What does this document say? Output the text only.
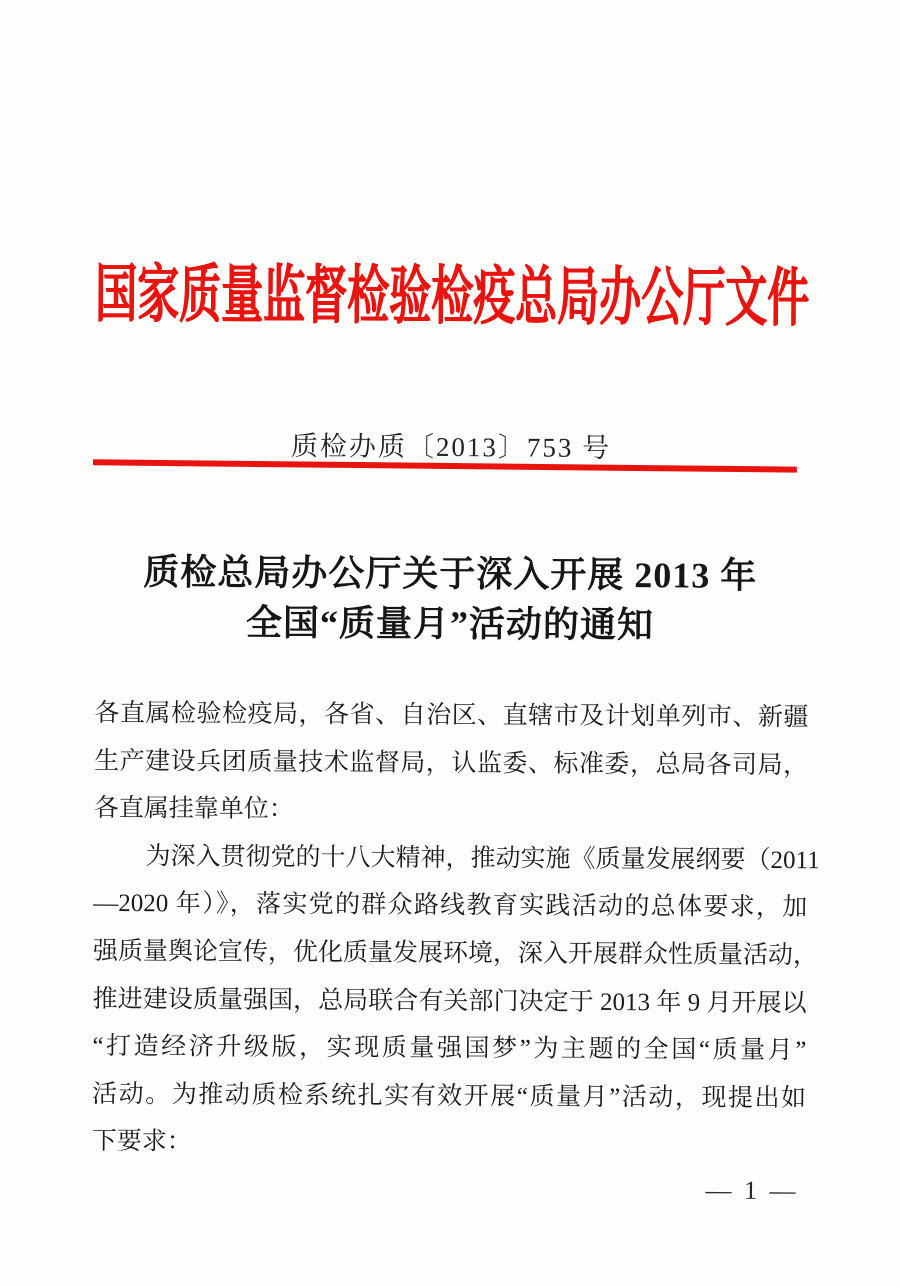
国家质量监督检验检疫总局办公厅文件
质检办质〔2013〕753 号
质检总局办公厅关于深入开展 2013 年
全国“质量月”活动的通知
各直属检验检疫局，各省、自治区、直辖市及计划单列市、新疆
生产建设兵团质量技术监督局，认监委、标准委，总局各司局，
各直属挂靠单位：
为深入贯彻党的十八大精神，推动实施《质量发展纲要（2011
—2020 年）》，落实党的群众路线教育实践活动的总体要求，加
强质量舆论宣传，优化质量发展环境，深入开展群众性质量活动，
推进建设质量强国，总局联合有关部门决定于 2013 年 9 月开展以
“打造经济升级版，实现质量强国梦”为主题的全国“质量月”
活动。为推动质检系统扎实有效开展“质量月”活动，现提出如
下要求：
— 1 —
